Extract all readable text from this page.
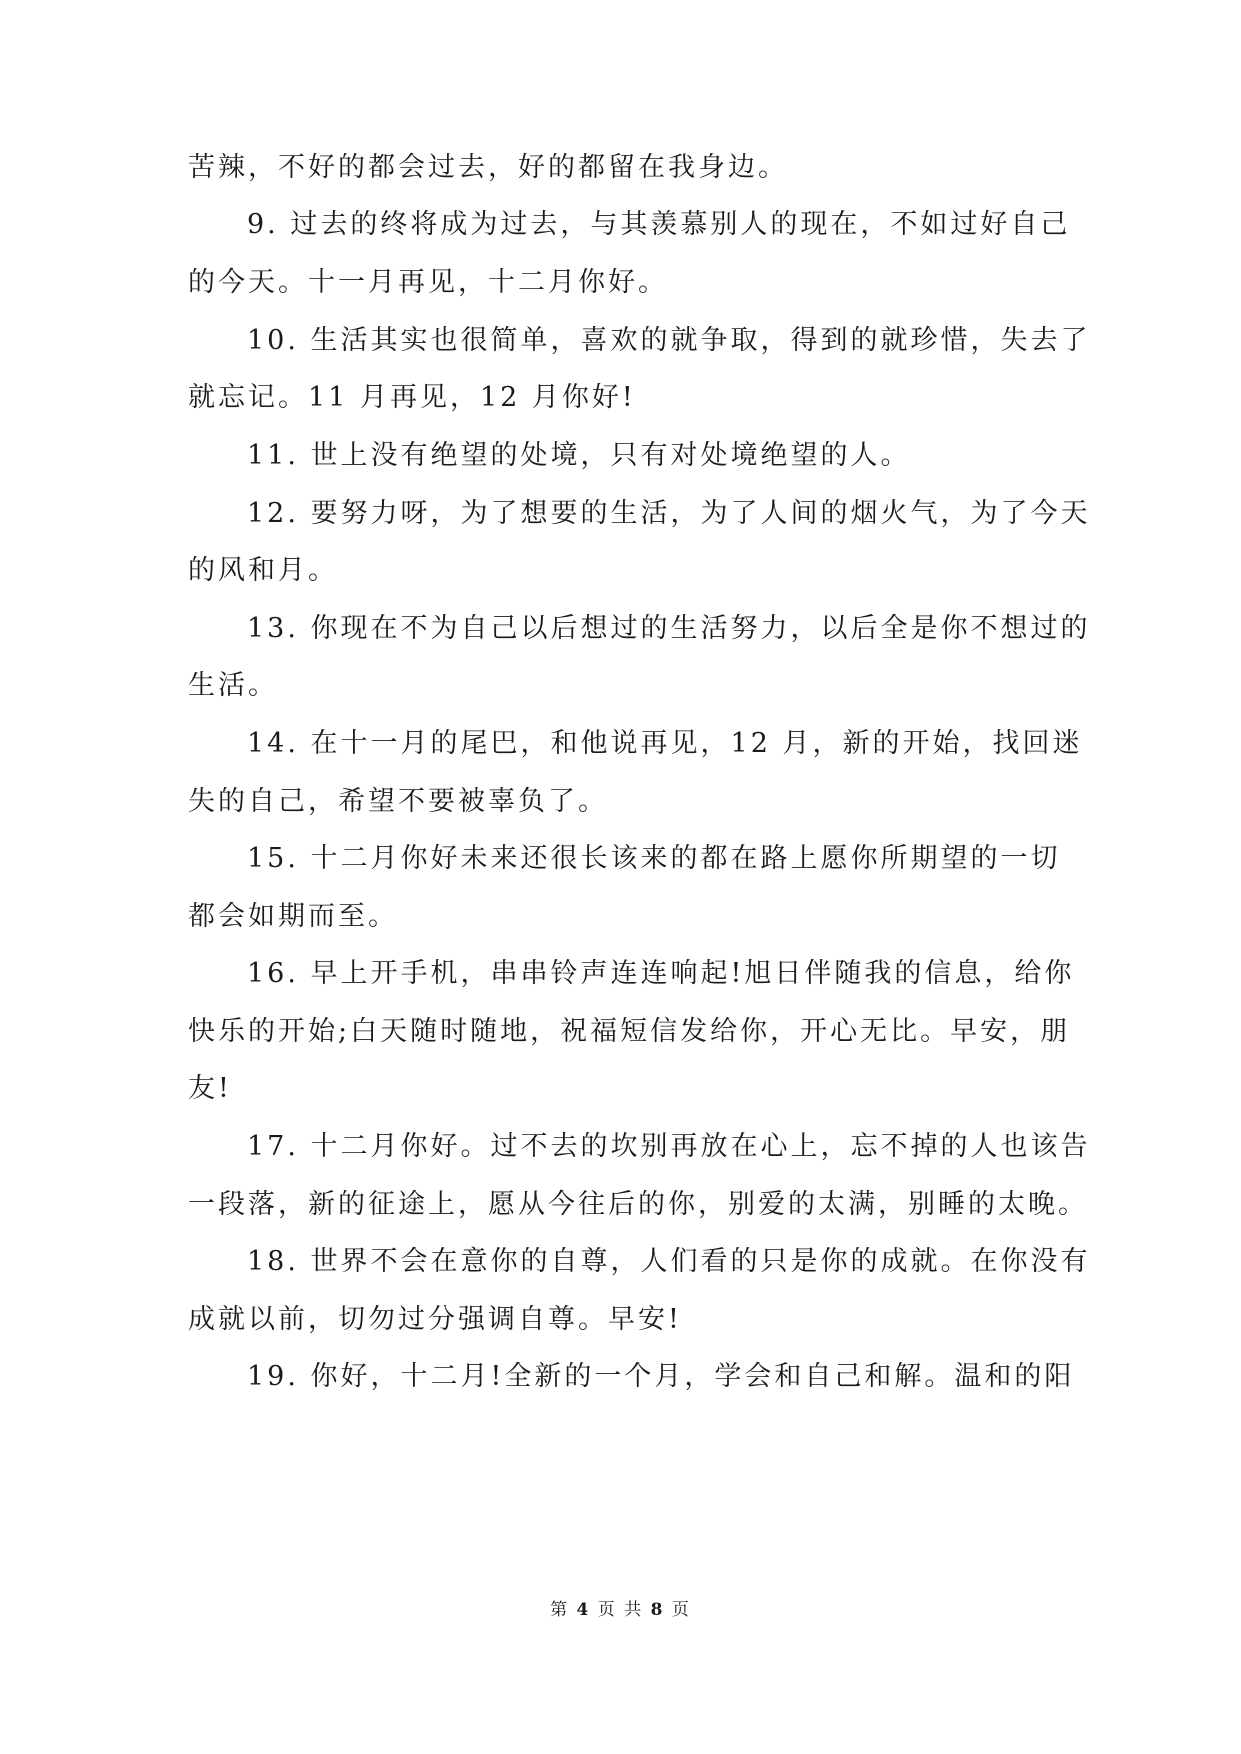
苦辣，不好的都会过去，好的都留在我身边。
9. 过去的终将成为过去，与其羡慕别人的现在，不如过好自己
的今天。十一月再见，十二月你好。
10. 生活其实也很简单，喜欢的就争取，得到的就珍惜，失去了
就忘记。11 月再见，12 月你好!
11. 世上没有绝望的处境，只有对处境绝望的人。
12. 要努力呀，为了想要的生活，为了人间的烟火气，为了今天
的风和月。
13. 你现在不为自己以后想过的生活努力，以后全是你不想过的
生活。
14. 在十一月的尾巴，和他说再见，12 月，新的开始，找回迷
失的自己，希望不要被辜负了。
15. 十二月你好未来还很长该来的都在路上愿你所期望的一切
都会如期而至。
16. 早上开手机，串串铃声连连响起!旭日伴随我的信息，给你
快乐的开始;白天随时随地，祝福短信发给你，开心无比。早安，朋
友!
17. 十二月你好。过不去的坎别再放在心上，忘不掉的人也该告
一段落，新的征途上，愿从今往后的你，别爱的太满，别睡的太晚。
18. 世界不会在意你的自尊，人们看的只是你的成就。在你没有
成就以前，切勿过分强调自尊。早安!
19. 你好，十二月!全新的一个月，学会和自己和解。温和的阳
第 4 页 共 8 页
